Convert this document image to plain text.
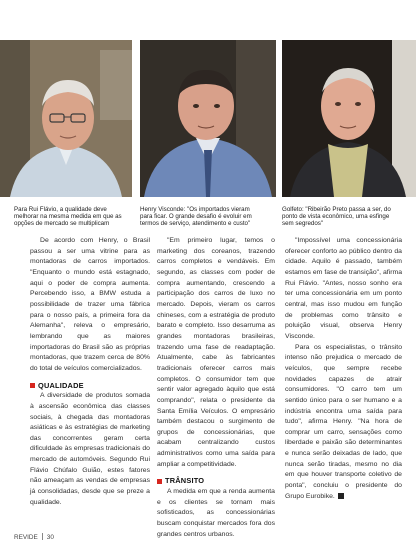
Para Rui Flávio, a qualidade deve melhorar na mesma medida em que as opções de mercado se multiplicam

Henry Visconde: "Os importados vieram para ficar. O grande desafio é evoluir em termos de serviço, atendimento e custo"

Golfeto: "Ribeirão Preto passa a ser, do ponto de vista econômico, uma esfinge sem segredos"

De acordo com Henry, o Brasil passou a ser uma vitrine para as montadoras de carros importados. "Enquanto o mundo está estagnado, aqui o poder de compra aumenta. Percebendo isso, a BMW estuda a possibilidade de trazer uma fábrica para o nosso país, a primeira fora da Alemanha", releva o empresário, lembrando que as maiores importadoras do Brasil são as próprias montadoras, que trazem cerca de 80% do total de veículos comercializados.

QUALIDADE

A diversidade de produtos somada à ascensão econômica das classes sociais, à chegada das montadoras asiáticas e às estratégias de marketing das concorrentes geram certa dificuldade às empresas tradicionais do mercado de automóveis. Segundo Rui Flávio Chúfalo Guião, estes fatores não ameaçam as vendas de empresas já consolidadas, desde que se preze a qualidade.

"Em primeiro lugar, temos o marketing dos coreanos, trazendo carros completos e vendáveis. Em segundo, as classes com poder de compra aumentando, crescendo a participação dos carros de luxo no mercado. Depois, vieram os carros chineses, com a estratégia de produto barato e completo. Isso desarruma as grandes montadoras brasileiras, trazendo uma fase de readaptação. Atualmente, cabe às fabricantes tradicionais oferecer carros mais completos. O consumidor tem que sentir valor agregado àquilo que está comprando", relata o presidente da Santa Emília Veículos. O empresário também destacou o surgimento de grupos de concessionárias, que acabam centralizando custos administrativos como uma saída para ampliar a competitividade.

TRÂNSITO

A medida em que a renda aumenta e os clientes se tornam mais sofisticados, as concessionárias buscam conquistar mercados fora dos grandes centros urbanos.

"Impossível uma concessionária oferecer conforto ao público dentro da cidade. Aquilo é passado, também estamos em fase de transição", afirma Rui Flávio. "Antes, nosso sonho era ter uma concessionária em um ponto central, mas isso mudou em função de problemas como trânsito e poluição visual, observa Henry Visconde.

Para os especialistas, o trânsito intenso não prejudica o mercado de veículos, que sempre recebe novidades capazes de atrair consumidores. "O carro tem um sentido único para o ser humano e a indústria encontra uma saída para tudo", afirma Henry. "Na hora de comprar um carro, sensações como liberdade e paixão são determinantes e nunca serão deixadas de lado, que nunca serão tiradas, mesmo no dia em que houver transporte coletivo de ponta", concluiu o presidente do Grupo Eurobike.

REVIDE 30
